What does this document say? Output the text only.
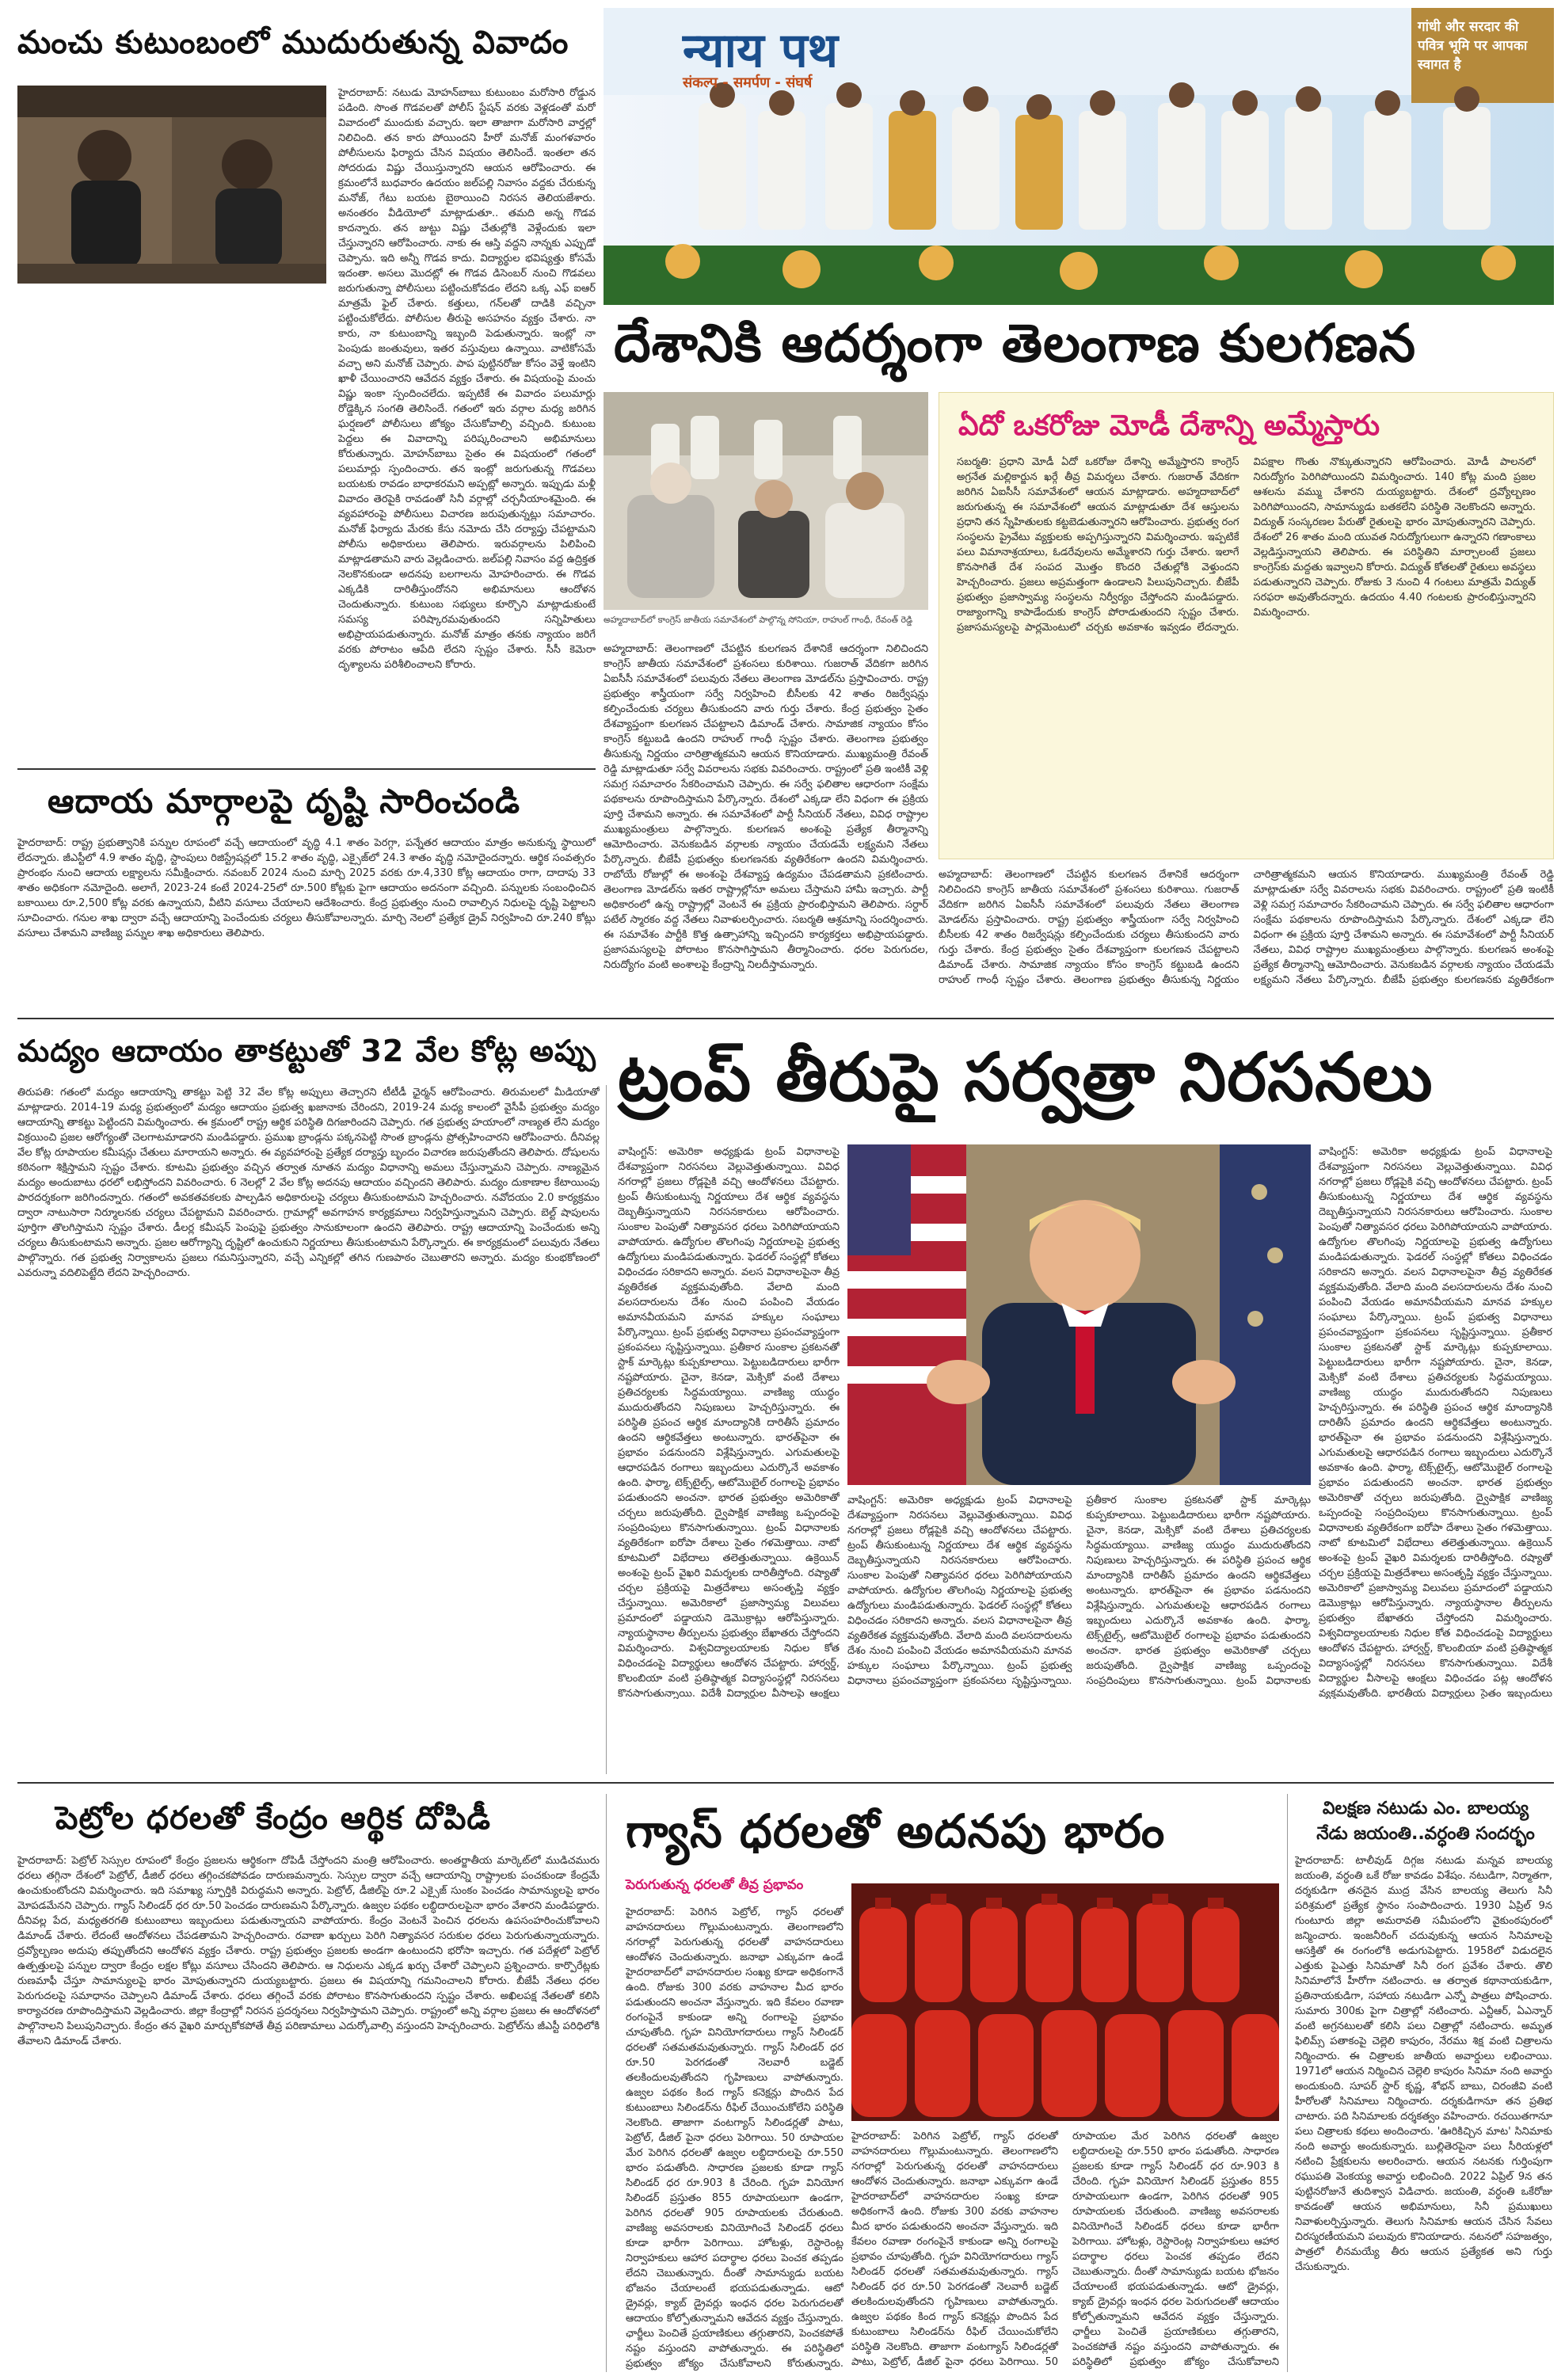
మంచు కుటుంబంలో ముదురుతున్న వివాదం
హైదరాబాద్: నటుడు మోహన్‌బాబు కుటుంబం మరోసారి రోడ్డున పడింది. సొంత గొడవలతో పోలీస్ స్టేషన్ వరకు వెళ్లడంతో మరో వివాదంలో ముందుకు వచ్చారు. ఇలా తాజాగా మరోసారి వార్తల్లో నిలిచింది. తన కారు పోయిందని హీరో మనోజ్ మంగళవారం పోలీసులను ఫిర్యాదు చేసిన విషయం తెలిసిందే. ఇంతలా తన సోదరుడు విష్ణు చేయిస్తున్నారని ఆయన ఆరోపించారు. ఈ క్రమంలోనే బుధవారం ఉదయం జల్‌పల్లి నివాసం వద్దకు చేరుకున్న మనోజ్, గేటు బయట బైఠాయించి నిరసన తెలియజేశారు. అనంతరం వీడియోలో మాట్లాడుతూ.. తమది అన్న గొడవ కాదన్నారు. తన జుట్టు విష్ణు చేతుల్లోకి వెళ్లేందుకు ఇలా చేస్తున్నారని ఆరోపించారు. నాకు ఈ ఆస్తి వద్దని నాన్నకు ఎప్పుడో చెప్పాను. ఇది అన్నీ గొడవ కాదు. విద్యార్థుల భవిష్యత్తు కోసమే ఇదంతా. అసలు మొదట్లో ఈ గొడవ డిసెంబర్ నుంచి గొడవలు జరుగుతున్నా పోలీసులు పట్టించుకోవడం లేదని ఒక్క ఎఫ్ ఐఆర్ మాత్రమే ఫైల్ చేశారు. కత్తులు, గన్‌లతో దాడికి వచ్చినా పట్టించుకోలేదు. పోలీసుల తీరుపై అసహనం వ్యక్తం చేశారు. నా కారు, నా కుటుంబాన్ని ఇబ్బంది పెడుతున్నారు. ఇంట్లో నా పెంపుడు జంతువులు, ఇతర వస్తువులు ఉన్నాయి. వాటికోసమే వచ్చా అని మనోజ్ చెప్పారు. పాప పుట్టినరోజు కోసం వెళ్తే ఇంటిని ఖాళీ చేయించారని ఆవేదన వ్యక్తం చేశారు. ఈ విషయంపై మంచు విష్ణు ఇంకా స్పందించలేదు. ఇప్పటికే ఈ వివాదం పలుమార్లు రోడ్డెక్కిన సంగతి తెలిసిందే. గతంలో ఇరు వర్గాల మధ్య జరిగిన ఘర్షణలో పోలీసులు జోక్యం చేసుకోవాల్సి వచ్చింది. కుటుంబ పెద్దలు ఈ వివాదాన్ని పరిష్కరించాలని అభిమానులు కోరుతున్నారు. మోహన్‌బాబు సైతం ఈ విషయంలో గతంలో పలుమార్లు స్పందించారు. తన ఇంట్లో జరుగుతున్న గొడవలు బయటకు రావడం బాధాకరమని అప్పట్లో అన్నారు. ఇప్పుడు మళ్లీ వివాదం తెరపైకి రావడంతో సినీ వర్గాల్లో చర్చనీయాంశమైంది. ఈ వ్యవహారంపై పోలీసులు విచారణ జరుపుతున్నట్లు సమాచారం. మనోజ్ ఫిర్యాదు మేరకు కేసు నమోదు చేసి దర్యాప్తు చేపట్టామని పోలీసు అధికారులు తెలిపారు. ఇరువర్గాలను పిలిపించి మాట్లాడతామని వారు వెల్లడించారు. జల్‌పల్లి నివాసం వద్ద ఉద్రిక్తత నెలకొనకుండా అదనపు బలగాలను మోహరించారు. ఈ గొడవ ఎక్కడికి దారితీస్తుందోనని అభిమానులు ఆందోళన చెందుతున్నారు. కుటుంబ సభ్యులు కూర్చొని మాట్లాడుకుంటే సమస్య పరిష్కారమవుతుందని సన్నిహితులు అభిప్రాయపడుతున్నారు. మనోజ్ మాత్రం తనకు న్యాయం జరిగే వరకు పోరాటం ఆపేది లేదని స్పష్టం చేశారు. సీసీ కెమెరా దృశ్యాలను పరిశీలించాలని కోరారు.
न्याय पथ
संकल्प - समर्पण - संघर्ष
गांधी और सरदार की पवित्र भूमि पर आपका स्वागत है
దేశానికి ఆదర్శంగా తెలంగాణ కులగణన
అహ్మదాబాద్‌లో కాంగ్రెస్ జాతీయ సమావేశంలో పాల్గొన్న సోనియా, రాహుల్ గాంధీ, రేవంత్ రెడ్డి
అహ్మదాబాద్: తెలంగాణలో చేపట్టిన కులగణన దేశానికే ఆదర్శంగా నిలిచిందని కాంగ్రెస్ జాతీయ సమావేశంలో ప్రశంసలు కురిశాయి. గుజరాత్ వేదికగా జరిగిన ఏఐసీసీ సమావేశంలో పలువురు నేతలు తెలంగాణ మోడల్‌ను ప్రస్తావించారు. రాష్ట్ర ప్రభుత్వం శాస్త్రీయంగా సర్వే నిర్వహించి బీసీలకు 42 శాతం రిజర్వేషన్లు కల్పించేందుకు చర్యలు తీసుకుందని వారు గుర్తు చేశారు. కేంద్ర ప్రభుత్వం సైతం దేశవ్యాప్తంగా కులగణన చేపట్టాలని డిమాండ్ చేశారు. సామాజిక న్యాయం కోసం కాంగ్రెస్ కట్టుబడి ఉందని రాహుల్ గాంధీ స్పష్టం చేశారు. తెలంగాణ ప్రభుత్వం తీసుకున్న నిర్ణయం చారిత్రాత్మకమని ఆయన కొనియాడారు. ముఖ్యమంత్రి రేవంత్ రెడ్డి మాట్లాడుతూ సర్వే వివరాలను సభకు వివరించారు. రాష్ట్రంలో ప్రతి ఇంటికీ వెళ్లి సమగ్ర సమాచారం సేకరించామని చెప్పారు. ఈ సర్వే ఫలితాల ఆధారంగా సంక్షేమ పథకాలను రూపొందిస్తామని పేర్కొన్నారు. దేశంలో ఎక్కడా లేని విధంగా ఈ ప్రక్రియ పూర్తి చేశామని అన్నారు. ఈ సమావేశంలో పార్టీ సీనియర్ నేతలు, వివిధ రాష్ట్రాల ముఖ్యమంత్రులు పాల్గొన్నారు. కులగణన అంశంపై ప్రత్యేక తీర్మానాన్ని ఆమోదించారు. వెనుకబడిన వర్గాలకు న్యాయం చేయడమే లక్ష్యమని నేతలు పేర్కొన్నారు. బీజేపీ ప్రభుత్వం కులగణనకు వ్యతిరేకంగా ఉందని విమర్శించారు. రాబోయే రోజుల్లో ఈ అంశంపై దేశవ్యాప్త ఉద్యమం చేపడతామని ప్రకటించారు. తెలంగాణ మోడల్‌ను ఇతర రాష్ట్రాల్లోనూ అమలు చేస్తామని హామీ ఇచ్చారు. పార్టీ అధికారంలో ఉన్న రాష్ట్రాల్లో వెంటనే ఈ ప్రక్రియ ప్రారంభిస్తామని తెలిపారు. సర్దార్ పటేల్ స్మారకం వద్ద నేతలు నివాళులర్పించారు. సబర్మతి ఆశ్రమాన్ని సందర్శించారు. ఈ సమావేశం పార్టీకి కొత్త ఉత్సాహాన్ని ఇచ్చిందని కార్యకర్తలు అభిప్రాయపడ్డారు. ప్రజాసమస్యలపై పోరాటం కొనసాగిస్తామని తీర్మానించారు. ధరల పెరుగుదల, నిరుద్యోగం వంటి అంశాలపై కేంద్రాన్ని నిలదీస్తామన్నారు.
ఏదో ఒకరోజు మోడీ దేశాన్ని అమ్మేస్తారు
సబర్మతి: ప్రధాని మోడీ ఏదో ఒకరోజు దేశాన్ని అమ్మేస్తారని కాంగ్రెస్ అగ్రనేత మల్లికార్జున ఖర్గే తీవ్ర విమర్శలు చేశారు. గుజరాత్ వేదికగా జరిగిన ఏఐసీసీ సమావేశంలో ఆయన మాట్లాడారు. అహ్మదాబాద్‌లో జరుగుతున్న ఈ సమావేశంలో ఆయన మాట్లాడుతూ దేశ ఆస్తులను ప్రధాని తన స్నేహితులకు కట్టబెడుతున్నారని ఆరోపించారు. ప్రభుత్వ రంగ సంస్థలను ప్రైవేటు వ్యక్తులకు అప్పగిస్తున్నారని విమర్శించారు. ఇప్పటికే పలు విమానాశ్రయాలు, ఓడరేవులను అమ్మేశారని గుర్తు చేశారు. ఇలాగే కొనసాగితే దేశ సంపద మొత్తం కొందరి చేతుల్లోకి వెళ్తుందని హెచ్చరించారు. ప్రజలు అప్రమత్తంగా ఉండాలని పిలుపునిచ్చారు. బీజేపీ ప్రభుత్వం ప్రజాస్వామ్య సంస్థలను నిర్వీర్యం చేస్తోందని మండిపడ్డారు. రాజ్యాంగాన్ని కాపాడేందుకు కాంగ్రెస్ పోరాడుతుందని స్పష్టం చేశారు. ప్రజాసమస్యలపై పార్లమెంటులో చర్చకు అవకాశం ఇవ్వడం లేదన్నారు. విపక్షాల గొంతు నొక్కుతున్నారని ఆరోపించారు. మోడీ పాలనలో నిరుద్యోగం పెరిగిపోయిందని విమర్శించారు. 140 కోట్ల మంది ప్రజల ఆశలను వమ్ము చేశారని దుయ్యబట్టారు. దేశంలో ద్రవ్యోల్బణం పెరిగిపోయిందని, సామాన్యుడు బతకలేని పరిస్థితి నెలకొందని అన్నారు. విద్యుత్ సంస్కరణల పేరుతో రైతులపై భారం మోపుతున్నారని చెప్పారు. దేశంలో 26 శాతం మంది యువత నిరుద్యోగులుగా ఉన్నారని గణాంకాలు వెల్లడిస్తున్నాయని తెలిపారు. ఈ పరిస్థితిని మార్చాలంటే ప్రజలు కాంగ్రెస్‌కు మద్దతు ఇవ్వాలని కోరారు. విద్యుత్ కోతలతో రైతులు అవస్థలు పడుతున్నారని చెప్పారు. రోజుకు 3 నుంచి 4 గంటలు మాత్రమే విద్యుత్ సరఫరా అవుతోందన్నారు. ఉదయం 4.40 గంటలకు ప్రారంభిస్తున్నారని విమర్శించారు.
అహ్మదాబాద్: తెలంగాణలో చేపట్టిన కులగణన దేశానికే ఆదర్శంగా నిలిచిందని కాంగ్రెస్ జాతీయ సమావేశంలో ప్రశంసలు కురిశాయి. గుజరాత్ వేదికగా జరిగిన ఏఐసీసీ సమావేశంలో పలువురు నేతలు తెలంగాణ మోడల్‌ను ప్రస్తావించారు. రాష్ట్ర ప్రభుత్వం శాస్త్రీయంగా సర్వే నిర్వహించి బీసీలకు 42 శాతం రిజర్వేషన్లు కల్పించేందుకు చర్యలు తీసుకుందని వారు గుర్తు చేశారు. కేంద్ర ప్రభుత్వం సైతం దేశవ్యాప్తంగా కులగణన చేపట్టాలని డిమాండ్ చేశారు. సామాజిక న్యాయం కోసం కాంగ్రెస్ కట్టుబడి ఉందని రాహుల్ గాంధీ స్పష్టం చేశారు. తెలంగాణ ప్రభుత్వం తీసుకున్న నిర్ణయం చారిత్రాత్మకమని ఆయన కొనియాడారు. ముఖ్యమంత్రి రేవంత్ రెడ్డి మాట్లాడుతూ సర్వే వివరాలను సభకు వివరించారు. రాష్ట్రంలో ప్రతి ఇంటికీ వెళ్లి సమగ్ర సమాచారం సేకరించామని చెప్పారు. ఈ సర్వే ఫలితాల ఆధారంగా సంక్షేమ పథకాలను రూపొందిస్తామని పేర్కొన్నారు. దేశంలో ఎక్కడా లేని విధంగా ఈ ప్రక్రియ పూర్తి చేశామని అన్నారు. ఈ సమావేశంలో పార్టీ సీనియర్ నేతలు, వివిధ రాష్ట్రాల ముఖ్యమంత్రులు పాల్గొన్నారు. కులగణన అంశంపై ప్రత్యేక తీర్మానాన్ని ఆమోదించారు. వెనుకబడిన వర్గాలకు న్యాయం చేయడమే లక్ష్యమని నేతలు పేర్కొన్నారు. బీజేపీ ప్రభుత్వం కులగణనకు వ్యతిరేకంగా
ఆదాయ మార్గాలపై దృష్టి సారించండి
హైదరాబాద్: రాష్ట్ర ప్రభుత్వానికి పన్నుల రూపంలో వచ్చే ఆదాయంలో వృద్ధి 4.1 శాతం పెరగ్గా, పన్నేతర ఆదాయం మాత్రం అనుకున్న స్థాయిలో లేదన్నారు. జీఎస్టీలో 4.9 శాతం వృద్ధి, స్టాంపులు రిజిస్ట్రేషన్లలో 15.2 శాతం వృద్ధి, ఎక్సైజ్‌లో 24.3 శాతం వృద్ధి నమోదైందన్నారు. ఆర్థిక సంవత్సరం ప్రారంభం నుంచి ఆదాయ లక్ష్యాలను సమీక్షించారు. నవంబర్ 2024 నుంచి మార్చి 2025 వరకు రూ.4,330 కోట్ల ఆదాయం రాగా, దాదాపు 33 శాతం అధికంగా నమోదైంది. అలాగే, 2023-24 కంటే 2024-25లో రూ.500 కోట్లకు పైగా ఆదాయం అదనంగా వచ్చింది. పన్నులకు సంబంధించిన బకాయిలు రూ.2,500 కోట్ల వరకు ఉన్నాయని, వీటిని వసూలు చేయాలని ఆదేశించారు. కేంద్ర ప్రభుత్వం నుంచి రావాల్సిన నిధులపై దృష్టి పెట్టాలని సూచించారు. గనుల శాఖ ద్వారా వచ్చే ఆదాయాన్ని పెంచేందుకు చర్యలు తీసుకోవాలన్నారు. మార్చి నెలలో ప్రత్యేక డ్రైవ్ నిర్వహించి రూ.240 కోట్లు వసూలు చేశామని వాణిజ్య పన్నుల శాఖ అధికారులు తెలిపారు.
మద్యం ఆదాయం తాకట్టుతో 32 వేల కోట్ల అప్పు
తిరుపతి: గతంలో మద్యం ఆదాయాన్ని తాకట్టు పెట్టి 32 వేల కోట్ల అప్పులు తెచ్చారని టీటీడీ ఛైర్మన్ ఆరోపించారు. తిరుమలలో మీడియాతో మాట్లాడారు. 2014-19 మధ్య ప్రభుత్వంలో మద్యం ఆదాయం ప్రభుత్వ ఖజానాకు చేరిందని, 2019-24 మధ్య కాలంలో వైసీపీ ప్రభుత్వం మద్యం ఆదాయాన్ని తాకట్టు పెట్టిందని విమర్శించారు. ఈ క్రమంలో రాష్ట్ర ఆర్థిక పరిస్థితి దిగజారిందని చెప్పారు. గత ప్రభుత్వ హయాంలో నాణ్యత లేని మద్యం విక్రయించి ప్రజల ఆరోగ్యంతో చెలగాటమాడారని మండిపడ్డారు. ప్రముఖ బ్రాండ్లను పక్కనపెట్టి సొంత బ్రాండ్లను ప్రోత్సహించారని ఆరోపించారు. దీనివల్ల వేల కోట్ల రూపాయల కమీషన్లు చేతులు మారాయని అన్నారు. ఈ వ్యవహారంపై ప్రత్యేక దర్యాప్తు బృందం విచారణ జరుపుతోందని తెలిపారు. దోషులను కఠినంగా శిక్షిస్తామని స్పష్టం చేశారు. కూటమి ప్రభుత్వం వచ్చిన తర్వాత నూతన మద్యం విధానాన్ని అమలు చేస్తున్నామని చెప్పారు. నాణ్యమైన మద్యం అందుబాటు ధరలో లభిస్తోందని వివరించారు. 6 నెలల్లో 2 వేల కోట్ల అదనపు ఆదాయం వచ్చిందని తెలిపారు. మద్యం దుకాణాల కేటాయింపు పారదర్శకంగా జరిగిందన్నారు. గతంలో అవకతవకలకు పాల్పడిన అధికారులపై చర్యలు తీసుకుంటామని హెచ్చరించారు. నవోదయం 2.0 కార్యక్రమం ద్వారా నాటుసారా నిర్మూలనకు చర్యలు చేపట్టామని వివరించారు. గ్రామాల్లో అవగాహన కార్యక్రమాలు నిర్వహిస్తున్నామని చెప్పారు. బెల్ట్ షాపులను పూర్తిగా తొలగిస్తామని స్పష్టం చేశారు. డీలర్ల కమీషన్ పెంపుపై ప్రభుత్వం సానుకూలంగా ఉందని తెలిపారు. రాష్ట్ర ఆదాయాన్ని పెంచేందుకు అన్ని చర్యలు తీసుకుంటామని అన్నారు. ప్రజల ఆరోగ్యాన్ని దృష్టిలో ఉంచుకుని నిర్ణయాలు తీసుకుంటామని పేర్కొన్నారు. ఈ కార్యక్రమంలో పలువురు నేతలు పాల్గొన్నారు. గత ప్రభుత్వ నిర్వాకాలను ప్రజలు గమనిస్తున్నారని, వచ్చే ఎన్నికల్లో తగిన గుణపాఠం చెబుతారని అన్నారు. మద్యం కుంభకోణంలో ఎవరున్నా వదిలిపెట్టేది లేదని హెచ్చరించారు.
ట్రంప్ తీరుపై సర్వత్రా నిరసనలు
వాషింగ్టన్: అమెరికా అధ్యక్షుడు ట్రంప్ విధానాలపై దేశవ్యాప్తంగా నిరసనలు వెల్లువెత్తుతున్నాయి. వివిధ నగరాల్లో ప్రజలు రోడ్లపైకి వచ్చి ఆందోళనలు చేపట్టారు. ట్రంప్ తీసుకుంటున్న నిర్ణయాలు దేశ ఆర్థిక వ్యవస్థను దెబ్బతీస్తున్నాయని నిరసనకారులు ఆరోపించారు. సుంకాల పెంపుతో నిత్యావసర ధరలు పెరిగిపోయాయని వాపోయారు. ఉద్యోగుల తొలగింపు నిర్ణయాలపై ప్రభుత్వ ఉద్యోగులు మండిపడుతున్నారు. ఫెడరల్ సంస్థల్లో కోతలు విధించడం సరికాదని అన్నారు. వలస విధానాలపైనా తీవ్ర వ్యతిరేకత వ్యక్తమవుతోంది. వేలాది మంది వలసదారులను దేశం నుంచి పంపించి వేయడం అమానవీయమని మానవ హక్కుల సంఘాలు పేర్కొన్నాయి. ట్రంప్ ప్రభుత్వ విధానాలు ప్రపంచవ్యాప్తంగా ప్రకంపనలు సృష్టిస్తున్నాయి. ప్రతీకార సుంకాల ప్రకటనతో స్టాక్ మార్కెట్లు కుప్పకూలాయి. పెట్టుబడిదారులు భారీగా నష్టపోయారు. చైనా, కెనడా, మెక్సికో వంటి దేశాలు ప్రతిచర్యలకు సిద్ధమయ్యాయి. వాణిజ్య యుద్ధం ముదురుతోందని నిపుణులు హెచ్చరిస్తున్నారు. ఈ పరిస్థితి ప్రపంచ ఆర్థిక మాంద్యానికి దారితీసే ప్రమాదం ఉందని ఆర్థికవేత్తలు అంటున్నారు. భారత్‌పైనా ఈ ప్రభావం పడనుందని విశ్లేషిస్తున్నారు. ఎగుమతులపై ఆధారపడిన రంగాలు ఇబ్బందులు ఎదుర్కొనే అవకాశం ఉంది. ఫార్మా, టెక్స్‌టైల్స్, ఆటోమొబైల్ రంగాలపై ప్రభావం పడుతుందని అంచనా. భారత ప్రభుత్వం అమెరికాతో చర్చలు జరుపుతోంది. ద్వైపాక్షిక వాణిజ్య ఒప్పందంపై సంప్రదింపులు కొనసాగుతున్నాయి. ట్రంప్ విధానాలకు వ్యతిరేకంగా ఐరోపా దేశాలు సైతం గళమెత్తాయి. నాటో కూటమిలో విభేదాలు తలెత్తుతున్నాయి. ఉక్రెయిన్ అంశంపై ట్రంప్ వైఖరి విమర్శలకు దారితీస్తోంది. రష్యాతో చర్చల ప్రక్రియపై మిత్రదేశాలు అసంతృప్తి వ్యక్తం చేస్తున్నాయి. అమెరికాలో ప్రజాస్వామ్య విలువలు ప్రమాదంలో పడ్డాయని డెమొక్రాట్లు ఆరోపిస్తున్నారు. న్యాయస్థానాల తీర్పులను ప్రభుత్వం బేఖాతరు చేస్తోందని విమర్శించారు. విశ్వవిద్యాలయాలకు నిధుల కోత విధించడంపై విద్యార్థులు ఆందోళన చేపట్టారు. హార్వర్డ్, కొలంబియా వంటి ప్రతిష్ఠాత్మక విద్యాసంస్థల్లో నిరసనలు కొనసాగుతున్నాయి. విదేశీ విద్యార్థుల వీసాలపై ఆంక్షలు
వాషింగ్టన్: అమెరికా అధ్యక్షుడు ట్రంప్ విధానాలపై దేశవ్యాప్తంగా నిరసనలు వెల్లువెత్తుతున్నాయి. వివిధ నగరాల్లో ప్రజలు రోడ్లపైకి వచ్చి ఆందోళనలు చేపట్టారు. ట్రంప్ తీసుకుంటున్న నిర్ణయాలు దేశ ఆర్థిక వ్యవస్థను దెబ్బతీస్తున్నాయని నిరసనకారులు ఆరోపించారు. సుంకాల పెంపుతో నిత్యావసర ధరలు పెరిగిపోయాయని వాపోయారు. ఉద్యోగుల తొలగింపు నిర్ణయాలపై ప్రభుత్వ ఉద్యోగులు మండిపడుతున్నారు. ఫెడరల్ సంస్థల్లో కోతలు విధించడం సరికాదని అన్నారు. వలస విధానాలపైనా తీవ్ర వ్యతిరేకత వ్యక్తమవుతోంది. వేలాది మంది వలసదారులను దేశం నుంచి పంపించి వేయడం అమానవీయమని మానవ హక్కుల సంఘాలు పేర్కొన్నాయి. ట్రంప్ ప్రభుత్వ విధానాలు ప్రపంచవ్యాప్తంగా ప్రకంపనలు సృష్టిస్తున్నాయి. ప్రతీకార సుంకాల ప్రకటనతో స్టాక్ మార్కెట్లు కుప్పకూలాయి. పెట్టుబడిదారులు భారీగా నష్టపోయారు. చైనా, కెనడా, మెక్సికో వంటి దేశాలు ప్రతిచర్యలకు సిద్ధమయ్యాయి. వాణిజ్య యుద్ధం ముదురుతోందని నిపుణులు హెచ్చరిస్తున్నారు. ఈ పరిస్థితి ప్రపంచ ఆర్థిక మాంద్యానికి దారితీసే ప్రమాదం ఉందని ఆర్థికవేత్తలు అంటున్నారు. భారత్‌పైనా ఈ ప్రభావం పడనుందని విశ్లేషిస్తున్నారు. ఎగుమతులపై ఆధారపడిన రంగాలు ఇబ్బందులు ఎదుర్కొనే అవకాశం ఉంది. ఫార్మా, టెక్స్‌టైల్స్, ఆటోమొబైల్ రంగాలపై ప్రభావం పడుతుందని అంచనా. భారత ప్రభుత్వం అమెరికాతో చర్చలు జరుపుతోంది. ద్వైపాక్షిక వాణిజ్య ఒప్పందంపై సంప్రదింపులు కొనసాగుతున్నాయి. ట్రంప్ విధానాలకు వ్యతిరేకంగా ఐరోపా దేశాలు సైతం గళమెత్తాయి. నాటో కూటమిలో విభేదాలు తలెత్తుతున్నాయి. ఉక్రెయిన్ అంశంపై ట్రంప్ వైఖరి విమర్శలకు దారితీస్తోంది. రష్యాతో చర్చల ప్రక్రియపై మిత్రదేశాలు అసంతృప్తి వ్యక్తం చేస్తున్నాయి. అమెరికాలో ప్రజాస్వామ్య విలువలు ప్రమాదంలో పడ్డాయని డెమొక్రాట్లు ఆరోపిస్తున్నారు. న్యాయస్థానాల తీర్పులను ప్రభుత్వం బేఖాతరు చేస్తోందని విమర్శించారు. విశ్వవిద్యాలయాలకు నిధుల కోత విధించడంపై విద్యార్థులు ఆందోళన చేపట్టారు. హార్వర్డ్, కొలంబియా వంటి ప్రతిష్ఠాత్మక విద్యాసంస్థల్లో నిరసనలు కొనసాగుతున్నాయి. విదేశీ విద్యార్థుల వీసాలపై ఆంక్షలు విధించడం పట్ల ఆందోళన వ్యక్తమవుతోంది. భారతీయ విద్యార్థులు సైతం ఇబ్బందులు
వాషింగ్టన్: అమెరికా అధ్యక్షుడు ట్రంప్ విధానాలపై దేశవ్యాప్తంగా నిరసనలు వెల్లువెత్తుతున్నాయి. వివిధ నగరాల్లో ప్రజలు రోడ్లపైకి వచ్చి ఆందోళనలు చేపట్టారు. ట్రంప్ తీసుకుంటున్న నిర్ణయాలు దేశ ఆర్థిక వ్యవస్థను దెబ్బతీస్తున్నాయని నిరసనకారులు ఆరోపించారు. సుంకాల పెంపుతో నిత్యావసర ధరలు పెరిగిపోయాయని వాపోయారు. ఉద్యోగుల తొలగింపు నిర్ణయాలపై ప్రభుత్వ ఉద్యోగులు మండిపడుతున్నారు. ఫెడరల్ సంస్థల్లో కోతలు విధించడం సరికాదని అన్నారు. వలస విధానాలపైనా తీవ్ర వ్యతిరేకత వ్యక్తమవుతోంది. వేలాది మంది వలసదారులను దేశం నుంచి పంపించి వేయడం అమానవీయమని మానవ హక్కుల సంఘాలు పేర్కొన్నాయి. ట్రంప్ ప్రభుత్వ విధానాలు ప్రపంచవ్యాప్తంగా ప్రకంపనలు సృష్టిస్తున్నాయి. ప్రతీకార సుంకాల ప్రకటనతో స్టాక్ మార్కెట్లు కుప్పకూలాయి. పెట్టుబడిదారులు భారీగా నష్టపోయారు. చైనా, కెనడా, మెక్సికో వంటి దేశాలు ప్రతిచర్యలకు సిద్ధమయ్యాయి. వాణిజ్య యుద్ధం ముదురుతోందని నిపుణులు హెచ్చరిస్తున్నారు. ఈ పరిస్థితి ప్రపంచ ఆర్థిక మాంద్యానికి దారితీసే ప్రమాదం ఉందని ఆర్థికవేత్తలు అంటున్నారు. భారత్‌పైనా ఈ ప్రభావం పడనుందని విశ్లేషిస్తున్నారు. ఎగుమతులపై ఆధారపడిన రంగాలు ఇబ్బందులు ఎదుర్కొనే అవకాశం ఉంది. ఫార్మా, టెక్స్‌టైల్స్, ఆటోమొబైల్ రంగాలపై ప్రభావం పడుతుందని అంచనా. భారత ప్రభుత్వం అమెరికాతో చర్చలు జరుపుతోంది. ద్వైపాక్షిక వాణిజ్య ఒప్పందంపై సంప్రదింపులు కొనసాగుతున్నాయి. ట్రంప్ విధానాలకు
పెట్రోల ధరలతో కేంద్రం ఆర్థిక దోపిడీ
హైదరాబాద్: పెట్రోల్ సెస్సుల రూపంలో కేంద్రం ప్రజలను ఆర్థికంగా దోపిడీ చేస్తోందని మంత్రి ఆరోపించారు. అంతర్జాతీయ మార్కెట్‌లో ముడిచమురు ధరలు తగ్గినా దేశంలో పెట్రోల్, డీజిల్ ధరలు తగ్గించకపోవడం దారుణమన్నారు. సెస్సుల ద్వారా వచ్చే ఆదాయాన్ని రాష్ట్రాలకు పంచకుండా కేంద్రమే ఉంచుకుంటోందని విమర్శించారు. ఇది సమాఖ్య స్ఫూర్తికి విరుద్ధమని అన్నారు. పెట్రోల్, డీజిల్‌పై రూ.2 ఎక్సైజ్ సుంకం పెంచడం సామాన్యులపై భారం మోపడమేనని చెప్పారు. గ్యాస్ సిలిండర్ ధర రూ.50 పెంచడం దారుణమని పేర్కొన్నారు. ఉజ్వల పథకం లబ్ధిదారులపైనా భారం వేశారని మండిపడ్డారు. దీనివల్ల పేద, మధ్యతరగతి కుటుంబాలు ఇబ్బందులు పడుతున్నాయని వాపోయారు. కేంద్రం వెంటనే పెంచిన ధరలను ఉపసంహరించుకోవాలని డిమాండ్ చేశారు. లేదంటే ఆందోళనలు చేపడతామని హెచ్చరించారు. రవాణా ఖర్చులు పెరిగి నిత్యావసర సరుకుల ధరలు పెరుగుతున్నాయన్నారు. ద్రవ్యోల్బణం అదుపు తప్పుతోందని ఆందోళన వ్యక్తం చేశారు. రాష్ట్ర ప్రభుత్వం ప్రజలకు అండగా ఉంటుందని భరోసా ఇచ్చారు. గత పదేళ్లలో పెట్రోల్ ఉత్పత్తులపై పన్నుల ద్వారా కేంద్రం లక్షల కోట్లు వసూలు చేసిందని తెలిపారు. ఆ నిధులను ఎక్కడ ఖర్చు చేశారో చెప్పాలని ప్రశ్నించారు. కార్పొరేట్లకు రుణమాఫీ చేస్తూ సామాన్యులపై భారం మోపుతున్నారని దుయ్యబట్టారు. ప్రజలు ఈ విషయాన్ని గమనించాలని కోరారు. బీజేపీ నేతలు ధరల పెరుగుదలపై సమాధానం చెప్పాలని డిమాండ్ చేశారు. ధరలు తగ్గించే వరకు పోరాటం కొనసాగుతుందని స్పష్టం చేశారు. అఖిలపక్ష నేతలతో కలిసి కార్యాచరణ రూపొందిస్తామని వెల్లడించారు. జిల్లా కేంద్రాల్లో నిరసన ప్రదర్శనలు నిర్వహిస్తామని చెప్పారు. రాష్ట్రంలో అన్ని వర్గాల ప్రజలు ఈ ఆందోళనలో పాల్గొనాలని పిలుపునిచ్చారు. కేంద్రం తన వైఖరి మార్చుకోకపోతే తీవ్ర పరిణామాలు ఎదుర్కోవాల్సి వస్తుందని హెచ్చరించారు. పెట్రోల్‌ను జీఎస్టీ పరిధిలోకి తేవాలని డిమాండ్ చేశారు.
గ్యాస్ ధరలతో అదనపు భారం
పెరుగుతున్న ధరలతో తీవ్ర ప్రభావం
హైదరాబాద్: పెరిగిన పెట్రోల్, గ్యాస్ ధరలతో వాహనదారులు గొల్లుమంటున్నారు. తెలంగాణలోని నగరాల్లో పెరుగుతున్న ధరలతో వాహనదారులు ఆందోళన చెందుతున్నారు. జనాభా ఎక్కువగా ఉండే హైదరాబాద్‌లో వాహనదారుల సంఖ్య కూడా అధికంగానే ఉంది. రోజుకు 300 వరకు వాహనాల మీద భారం పడుతుందని అంచనా వేస్తున్నారు. ఇది కేవలం రవాణా రంగంపైనే కాకుండా అన్ని రంగాలపై ప్రభావం చూపుతోంది. గృహ వినియోగదారులు గ్యాస్ సిలిండర్ ధరలతో సతమతమవుతున్నారు. గ్యాస్ సిలిండర్ ధర రూ.50 పెరగడంతో నెలవారీ బడ్జెట్ తలకిందులవుతోందని గృహిణులు వాపోతున్నారు. ఉజ్వల పథకం కింద గ్యాస్ కనెక్షన్లు పొందిన పేద కుటుంబాలు సిలిండర్‌ను రీఫిల్ చేయించుకోలేని పరిస్థితి నెలకొంది. తాజాగా వంటగ్యాస్ సిలిండర్లతో పాటు, పెట్రోల్, డీజిల్ పైనా ధరలు పెరిగాయి. 50 రూపాయల మేర పెరిగిన ధరలతో ఉజ్వల లబ్ధిదారులపై రూ.550 భారం పడుతోంది. సాధారణ ప్రజలకు కూడా గ్యాస్ సిలిండర్ ధర రూ.903 కి చేరింది. గృహ వినియోగ సిలిండర్ ప్రస్తుతం 855 రూపాయలుగా ఉండగా, పెరిగిన ధరలతో 905 రూపాయలకు చేరుతుంది. వాణిజ్య అవసరాలకు వినియోగించే సిలిండర్ ధరలు కూడా భారీగా పెరిగాయి. హోటళ్లు, రెస్టారెంట్ల నిర్వాహకులు ఆహార పదార్థాల ధరలు పెంచక తప్పడం లేదని చెబుతున్నారు. దీంతో సామాన్యుడు బయట భోజనం చేయాలంటే భయపడుతున్నాడు. ఆటో డ్రైవర్లు, క్యాబ్ డ్రైవర్లు ఇంధన ధరల పెరుగుదలతో ఆదాయం కోల్పోతున్నామని ఆవేదన వ్యక్తం చేస్తున్నారు. ఛార్జీలు పెంచితే ప్రయాణికులు తగ్గుతారని, పెంచకపోతే నష్టం వస్తుందని వాపోతున్నారు. ఈ పరిస్థితిలో ప్రభుత్వం జోక్యం చేసుకోవాలని కోరుతున్నారు.
హైదరాబాద్: పెరిగిన పెట్రోల్, గ్యాస్ ధరలతో వాహనదారులు గొల్లుమంటున్నారు. తెలంగాణలోని నగరాల్లో పెరుగుతున్న ధరలతో వాహనదారులు ఆందోళన చెందుతున్నారు. జనాభా ఎక్కువగా ఉండే హైదరాబాద్‌లో వాహనదారుల సంఖ్య కూడా అధికంగానే ఉంది. రోజుకు 300 వరకు వాహనాల మీద భారం పడుతుందని అంచనా వేస్తున్నారు. ఇది కేవలం రవాణా రంగంపైనే కాకుండా అన్ని రంగాలపై ప్రభావం చూపుతోంది. గృహ వినియోగదారులు గ్యాస్ సిలిండర్ ధరలతో సతమతమవుతున్నారు. గ్యాస్ సిలిండర్ ధర రూ.50 పెరగడంతో నెలవారీ బడ్జెట్ తలకిందులవుతోందని గృహిణులు వాపోతున్నారు. ఉజ్వల పథకం కింద గ్యాస్ కనెక్షన్లు పొందిన పేద కుటుంబాలు సిలిండర్‌ను రీఫిల్ చేయించుకోలేని పరిస్థితి నెలకొంది. తాజాగా వంటగ్యాస్ సిలిండర్లతో పాటు, పెట్రోల్, డీజిల్ పైనా ధరలు పెరిగాయి. 50 రూపాయల మేర పెరిగిన ధరలతో ఉజ్వల లబ్ధిదారులపై రూ.550 భారం పడుతోంది. సాధారణ ప్రజలకు కూడా గ్యాస్ సిలిండర్ ధర రూ.903 కి చేరింది. గృహ వినియోగ సిలిండర్ ప్రస్తుతం 855 రూపాయలుగా ఉండగా, పెరిగిన ధరలతో 905 రూపాయలకు చేరుతుంది. వాణిజ్య అవసరాలకు వినియోగించే సిలిండర్ ధరలు కూడా భారీగా పెరిగాయి. హోటళ్లు, రెస్టారెంట్ల నిర్వాహకులు ఆహార పదార్థాల ధరలు పెంచక తప్పడం లేదని చెబుతున్నారు. దీంతో సామాన్యుడు బయట భోజనం చేయాలంటే భయపడుతున్నాడు. ఆటో డ్రైవర్లు, క్యాబ్ డ్రైవర్లు ఇంధన ధరల పెరుగుదలతో ఆదాయం కోల్పోతున్నామని ఆవేదన వ్యక్తం చేస్తున్నారు. ఛార్జీలు పెంచితే ప్రయాణికులు తగ్గుతారని, పెంచకపోతే నష్టం వస్తుందని వాపోతున్నారు. ఈ పరిస్థితిలో ప్రభుత్వం జోక్యం చేసుకోవాలని
విలక్షణ నటుడు ఎం. బాలయ్య
నేడు జయంతి..వర్ధంతి సందర్భం
హైదరాబాద్: టాలీవుడ్ దిగ్గజ నటుడు మన్నవ బాలయ్య జయంతి, వర్ధంతి ఒకే రోజు కావడం విశేషం. నటుడిగా, నిర్మాతగా, దర్శకుడిగా తనదైన ముద్ర వేసిన బాలయ్య తెలుగు సినీ పరిశ్రమలో ప్రత్యేక స్థానం సంపాదించారు. 1930 ఏప్రిల్ 9న గుంటూరు జిల్లా అమరావతి సమీపంలోని వైకుంఠపురంలో జన్మించారు. ఇంజనీరింగ్ చదువుకున్న ఆయన సినిమాలపై ఆసక్తితో ఈ రంగంలోకి అడుగుపెట్టారు. 1958లో విడుదలైన ఎత్తుకు పైఎత్తు సినిమాతో సినీ రంగ ప్రవేశం చేశారు. తొలి సినిమాలోనే హీరోగా నటించారు. ఆ తర్వాత కథానాయకుడిగా, ప్రతినాయకుడిగా, సహాయ నటుడిగా ఎన్నో పాత్రలు పోషించారు. సుమారు 300కు పైగా చిత్రాల్లో నటించారు. ఎన్టీఆర్, ఏఎన్నార్ వంటి అగ్రనటులతో కలిసి పలు చిత్రాల్లో నటించారు. అమృత ఫిలిమ్స్ పతాకంపై చెల్లెలి కాపురం, నేరము శిక్ష వంటి చిత్రాలను నిర్మించారు. ఈ చిత్రాలకు జాతీయ అవార్డులు లభించాయి. 1971లో ఆయన నిర్మించిన చెల్లెలి కాపురం సినిమా నంది అవార్డు అందుకుంది. సూపర్ స్టార్ కృష్ణ, శోభన్ బాబు, చిరంజీవి వంటి హీరోలతో సినిమాలు నిర్మించారు. దర్శకుడిగానూ తన ప్రతిభ చాటారు. పది సినిమాలకు దర్శకత్వం వహించారు. రచయితగానూ పలు చిత్రాలకు కథలు అందించారు. 'ఊరికిచ్చిన మాట' సినిమాకు నంది అవార్డు అందుకున్నారు. బుల్లితెరపైనా పలు సీరియళ్లలో నటించి ప్రేక్షకులను అలరించారు. ఆయన నటనకు గుర్తింపుగా రఘుపతి వెంకయ్య అవార్డు లభించింది. 2022 ఏప్రిల్ 9న తన పుట్టినరోజునే తుదిశ్వాస విడిచారు. జయంతి, వర్ధంతి ఒకేరోజు కావడంతో ఆయన అభిమానులు, సినీ ప్రముఖులు నివాళులర్పిస్తున్నారు. తెలుగు సినిమాకు ఆయన చేసిన సేవలు చిరస్మరణీయమని పలువురు కొనియాడారు. నటనలో సహజత్వం, పాత్రలో లీనమయ్యే తీరు ఆయన ప్రత్యేకత అని గుర్తు చేసుకున్నారు.
